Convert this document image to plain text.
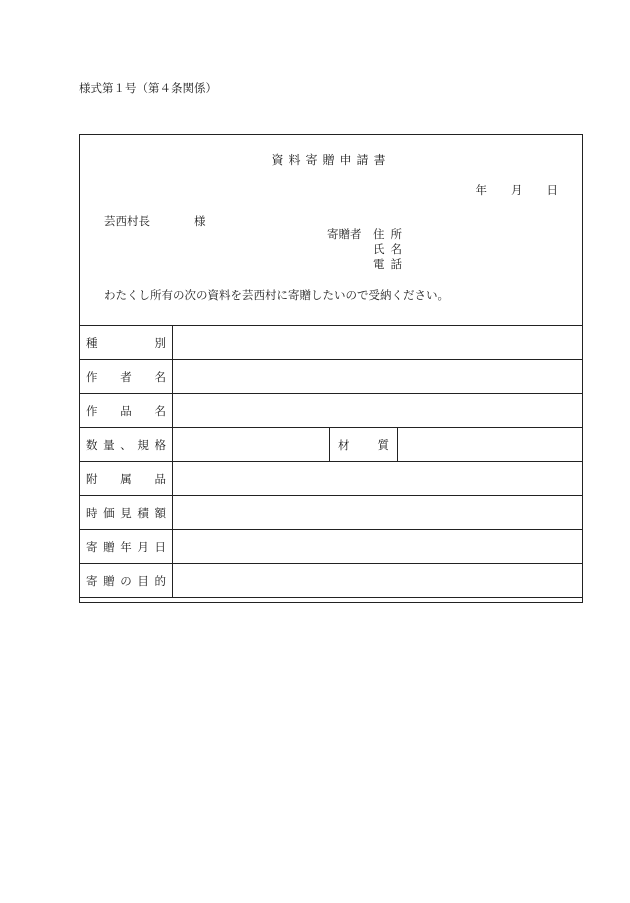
様式第１号（第４条関係）
資料寄贈申請書
年 月 日
芸西村長	様
寄贈者	住所
氏名
電話
わたくし所有の次の資料を芸西村に寄贈したいので受納ください。
種 別			

作 者 名			

作 品 名			

数 量 、 規 格		材 質	

附 属 品			

時 価 見 積 額			

寄 贈 年 月 日			

寄 贈 の 目 的			
